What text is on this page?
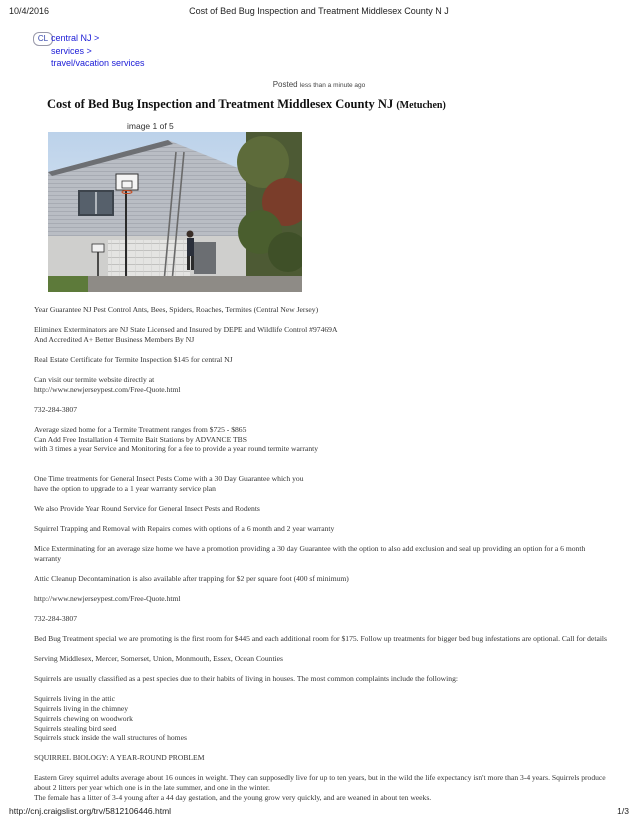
10/4/2016	Cost of Bed Bug Inspection and Treatment Middlesex County N J
CL central NJ >
services >
travel/vacation services
Posted less than a minute ago
Cost of Bed Bug Inspection and Treatment Middlesex County NJ (Metuchen)
image 1 of 5

Year Guarantee NJ Pest Control Ants, Bees, Spiders, Roaches, Termites (Central New Jersey)

Eliminex Exterminators are NJ State Licensed and Insured by DEPE and Wildlife Control #97469A
And Accredited A+ Better Business Members By NJ

Real Estate Certificate for Termite Inspection $145 for central NJ

Can visit our termite website directly at
http://www.newjerseypest.com/Free-Quote.html

732-284-3807

Average sized home for a Termite Treatment ranges from $725 - $865
Can Add Free Installation 4 Termite Bait Stations by ADVANCE TBS
with 3 times a year Service and Monitoring for a fee to provide a year round termite warranty

One Time treatments for General Insect Pests Come with a 30 Day Guarantee which you
have the option to upgrade to a 1 year warranty service plan

We also Provide Year Round Service for General Insect Pests and Rodents

Squirrel Trapping and Removal with Repairs comes with options of a 6 month and 2 year warranty

Mice Exterminating for an average size home we have a promotion providing a 30 day Guarantee with the option to also add exclusion and seal up providing an option for a 6 month warranty

Attic Cleanup Decontamination is also available after trapping for $2 per square foot (400 sf minimum)

http://www.newjerseypest.com/Free-Quote.html

732-284-3807

Bed Bug Treatment special we are promoting is the first room for $445 and each additional room for $175. Follow up treatments for bigger bed bug infestations are optional. Call for details

Serving Middlesex, Mercer, Somerset, Union, Monmouth, Essex, Ocean Counties

Squirrels are usually classified as a pest species due to their habits of living in houses. The most common complaints include the following:

Squirrels living in the attic
Squirrels living in the chimney
Squirrels chewing on woodwork
Squirrels stealing bird seed
Squirrels stuck inside the wall structures of homes

SQUIRREL BIOLOGY: A YEAR-ROUND PROBLEM

Eastern Grey squirrel adults average about 16 ounces in weight. They can supposedly live for up to ten years, but in the wild the life expectancy isn't more than 3-4 years. Squirrels produce about 2 litters per year which one is in the late summer, and one in the winter.
The female has a litter of 3-4 young after a 44 day gestation, and the young grow very quickly, and are weaned in about ten weeks.

http://cnj.craigslist.org/trv/5812106446.html	1/3
